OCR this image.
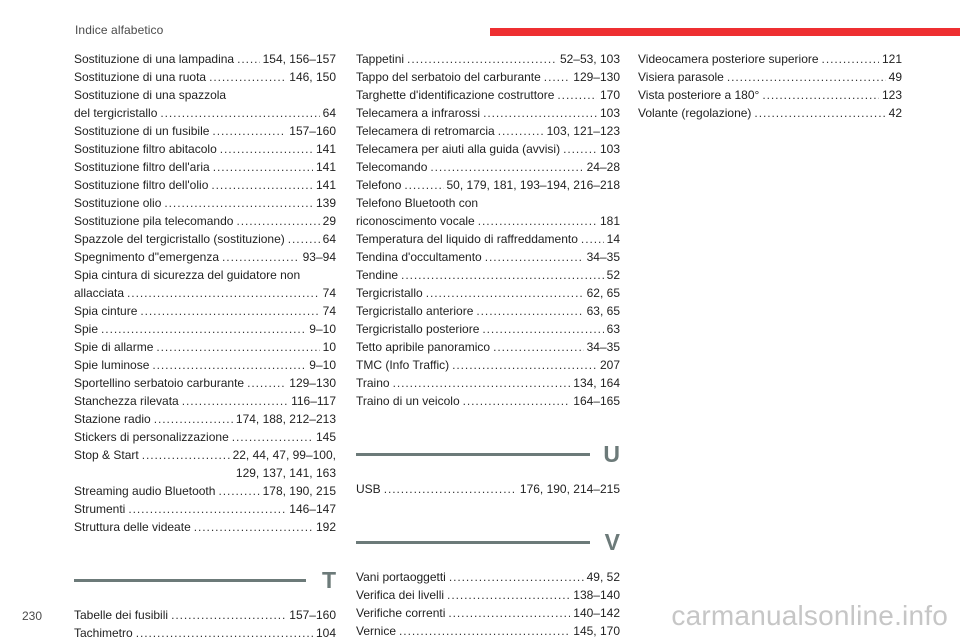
Indice alfabetico
Sostituzione di una lampadina . . . 154, 156–157
Sostituzione di una ruota . . .	146, 150
Sostituzione di una spazzola
del tergicristallo . . .	64
Sostituzione di un fusibile . . .	157–160
Sostituzione filtro abitacolo . . .	141
Sostituzione filtro dell'aria . . .	141
Sostituzione filtro dell'olio . . .	141
Sostituzione olio . . .	139
Sostituzione pila telecomando . . .	29
Spazzole del tergicristallo (sostituzione) . . .	64
Spegnimento d"emergenza . . .	93–94
Spia cintura di sicurezza del guidatore non
allacciata . . .	74
Spia cinture . . .	74
Spie . . .	9–10
Spie di allarme . . .	10
Spie luminose . . .	9–10
Sportellino serbatoio carburante . . .	129–130
Stanchezza rilevata . . .	116–117
Stazione radio . . .	174, 188, 212–213
Stickers di personalizzazione . . .	145
Stop & Start . . .	22, 44, 47, 99–100,
129, 137, 141, 163
Streaming audio Bluetooth . . .	178, 190, 215
Strumenti . . .	146–147
Struttura delle videate . . .	192
T
Tabelle dei fusibili . . .	157–160
Tachimetro . . .	104
Tappetini . . .	52–53, 103
Tappo del serbatoio del carburante . . .	129–130
Targhette d'identificazione costruttore . . .	170
Telecamera a infrarossi . . .	103
Telecamera di retromarcia . . .	103, 121–123
Telecamera per aiuti alla guida (avvisi) . . .	103
Telecomando . . .	24–28
Telefono . . .	50, 179, 181, 193–194, 216–218
Telefono Bluetooth con
riconoscimento vocale . . .	181
Temperatura del liquido di raffreddamento . . . 14
Tendina d'occultamento . . .	34–35
Tendine . . .	52
Tergicristallo . . .	62, 65
Tergicristallo anteriore . . .	63, 65
Tergicristallo posteriore . . .	63
Tetto apribile panoramico . . .	34–35
TMC (Info Traffic) . . .	207
Traino . . .	134, 164
Traino di un veicolo . . .	164–165
U
USB . . .	176, 190, 214–215
V
Vani portaoggetti . . .	49, 52
Verifica dei livelli . . .	138–140
Verifiche correnti . . .	140–142
Vernice . . .	145, 170
Videocamera posteriore superiore . . .	121
Visiera parasole . . .	49
Vista posteriore a 180° . . .	123
Volante (regolazione) . . .	42
230	carmanualsonline.info
